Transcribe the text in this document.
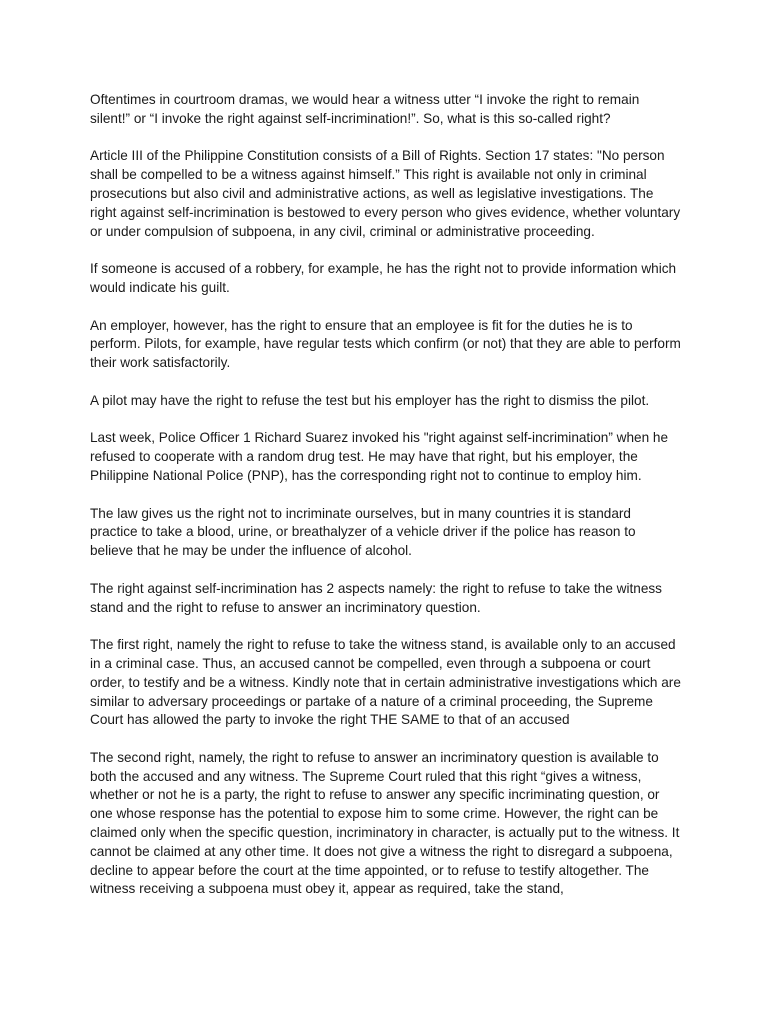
Oftentimes in courtroom dramas, we would hear a witness utter “I invoke the right to remain silent!” or “I invoke the right against self-incrimination!”. So, what is this so-called right?

Article III of the Philippine Constitution consists of a Bill of Rights. Section 17 states: "No person shall be compelled to be a witness against himself.” This right is available not only in criminal prosecutions but also civil and administrative actions, as well as legislative investigations. The right against self-incrimination is bestowed to every person who gives evidence, whether voluntary or under compulsion of subpoena, in any civil, criminal or administrative proceeding.

If someone is accused of a robbery, for example, he has the right not to provide information which would indicate his guilt.

An employer, however, has the right to ensure that an employee is fit for the duties he is to perform. Pilots, for example, have regular tests which confirm (or not) that they are able to perform their work satisfactorily.

A pilot may have the right to refuse the test but his employer has the right to dismiss the pilot.

Last week, Police Officer 1 Richard Suarez invoked his "right against self-incrimination” when he refused to cooperate with a random drug test. He may have that right, but his employer, the Philippine National Police (PNP), has the corresponding right not to continue to employ him.

The law gives us the right not to incriminate ourselves, but in many countries it is standard practice to take a blood, urine, or breathalyzer of a vehicle driver if the police has reason to believe that he may be under the influence of alcohol.

The right against self-incrimination has 2 aspects namely: the right to refuse to take the witness stand and the right to refuse to answer an incriminatory question.

The first right, namely the right to refuse to take the witness stand, is available only to an accused in a criminal case. Thus, an accused cannot be compelled, even through a subpoena or court order, to testify and be a witness. Kindly note that in certain administrative investigations which are similar to adversary proceedings or partake of a nature of a criminal proceeding, the Supreme Court has allowed the party to invoke the right THE SAME to that of an accused

The second right, namely, the right to refuse to answer an incriminatory question is available to both the accused and any witness. The Supreme Court ruled that this right “gives a witness, whether or not he is a party, the right to refuse to answer any specific incriminating question, or one whose response has the potential to expose him to some crime. However, the right can be claimed only when the specific question, incriminatory in character, is actually put to the witness. It cannot be claimed at any other time. It does not give a witness the right to disregard a subpoena, decline to appear before the court at the time appointed, or to refuse to testify altogether. The witness receiving a subpoena must obey it, appear as required, take the stand,
